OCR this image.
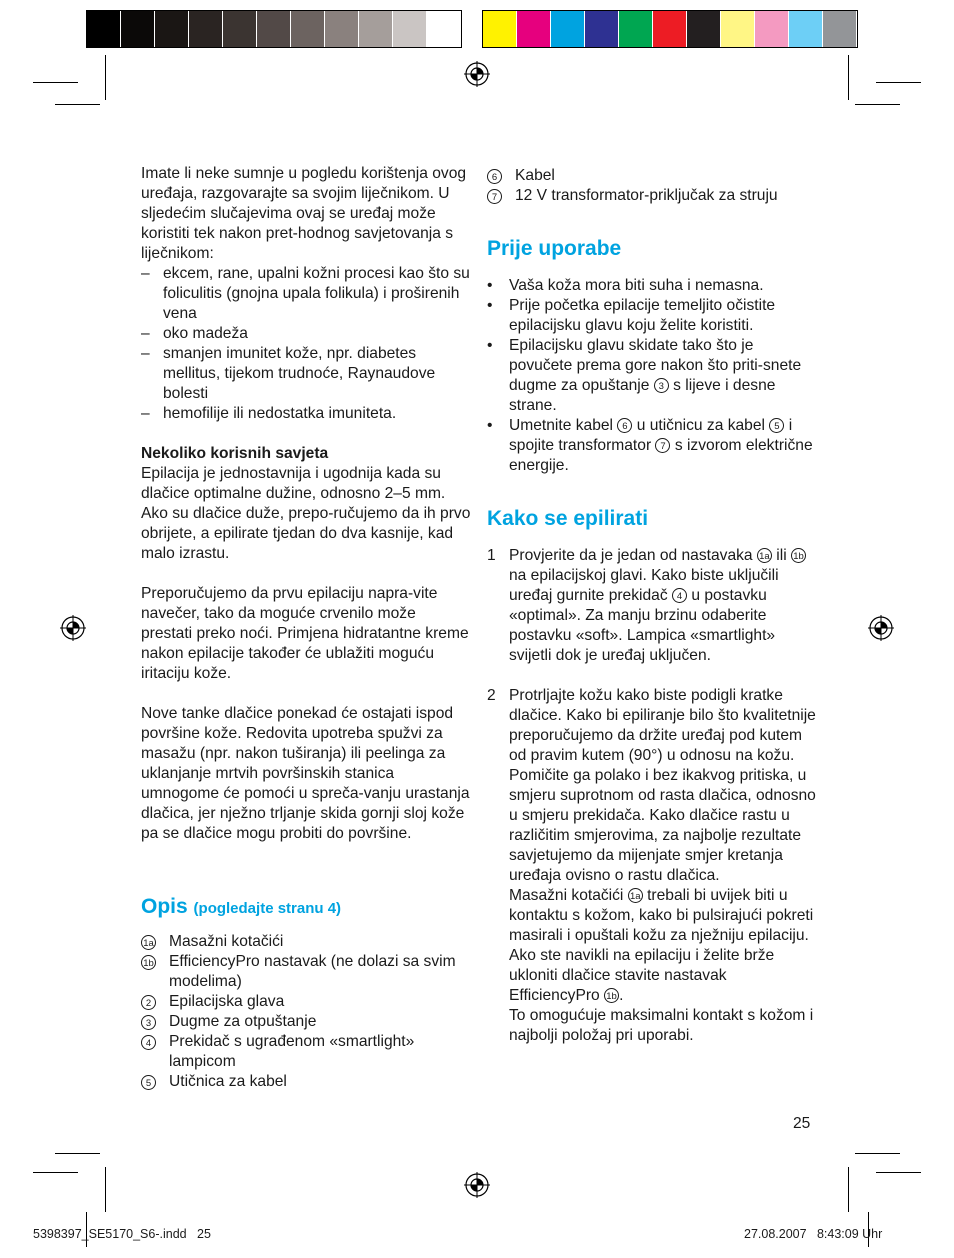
Imate li neke sumnje u pogledu korištenja ovog uređaja, razgovarajte sa svojim liječnikom. U sljedećim slučajevima ovaj se uređaj može koristiti tek nakon pret-hodnog savjetovanja s liječnikom:

– ekcem, rane, upalni kožni procesi kao što su foliculitis (gnojna upala folikula) i proširenih vena
– oko madeža
– smanjen imunitet kože, npr. diabetes mellitus, tijekom trudnoće, Raynaudove bolesti
– hemofilije ili nedostatka imuniteta.

Nekoliko korisnih savjeta

Epilacija je jednostavnija i ugodnija kada su dlačice optimalne dužine, odnosno 2–5 mm. Ako su dlačice duže, prepo-ručujemo da ih prvo obrijete, a epilirate tjedan do dva kasnije, kad malo izrastu.

Preporučujemo da prvu epilaciju napra-vite navečer, tako da moguće crvenilo može prestati preko noći. Primjena hidratantne kreme nakon epilacije također će ublažiti moguću iritaciju kože.

Nove tanke dlačice ponekad će ostajati ispod površine kože. Redovita upotreba spužvi za masažu (npr. nakon tuširanja) ili peelinga za uklanjanje mrtvih površinskih stanica umnogome će pomoći u spreča-vanju urastanja dlačica, jer nježno trljanje skida gornji sloj kože pa se dlačice mogu probiti do površine.

Opis (pogledajte stranu 4)
1a Masažni kotačići
1b EfficiencyPro nastavak (ne dolazi sa svim modelima)
2	Epilacijska glava
3	Dugme za otpuštanje
4	Prekidač s ugrađenom «smartlight» lampicom
5	Utičnica za kabel
6	Kabel
7	12 V transformator-priključak za struju
Prije uporabe
• Vaša koža mora biti suha i nemasna.
• Prije početka epilacije temeljito očistite epilacijsku glavu koju želite koristiti.
• Epilacijsku glavu skidate tako što je povučete prema gore nakon što priti-snete dugme za opuštanje 3 s lijeve i desne strane.
• Umetnite kabel 6 u utičnicu za kabel 5 i spojite transformator 7 s izvorom električne energije.
Kako se epilirati
1 Provjerite da je jedan od nastavaka 1a ili 1b na epilacijskoj glavi. Kako biste uključili uređaj gurnite prekidač 4 u postavku «optimal». Za manju brzinu odaberite postavku «soft». Lampica «smartlight» svijetli dok je uređaj uključen.
2 Protrljajte kožu kako biste podigli kratke dlačice. Kako bi epiliranje bilo što kvalitetnije preporučujemo da držite uređaj pod kutem od pravim kutem (90°) u odnosu na kožu. Pomičite ga polako i bez ikakvog pritiska, u smjeru suprotnom od rasta dlačica, odnosno u smjeru prekidača. Kako dlačice rastu u različitim smjerovima, za najbolje rezultate savjetujemo da mijenjate smjer kretanja uređaja ovisno o rastu dlačica.

Masažni kotačići 1a trebali bi uvijek biti u kontaktu s kožom, kako bi pulsirajući pokreti masirali i opuštali kožu za nježniju epilaciju. Ako ste navikli na epilaciju i želite brže ukloniti dlačice stavite nastavak EfficiencyPro 1b .

To omogućuje maksimalni kontakt s kožom i najbolji položaj pri uporabi.

25
5398397_SE5170_S6-.indd   25	27.08.2007   8:43:09 Uhr
